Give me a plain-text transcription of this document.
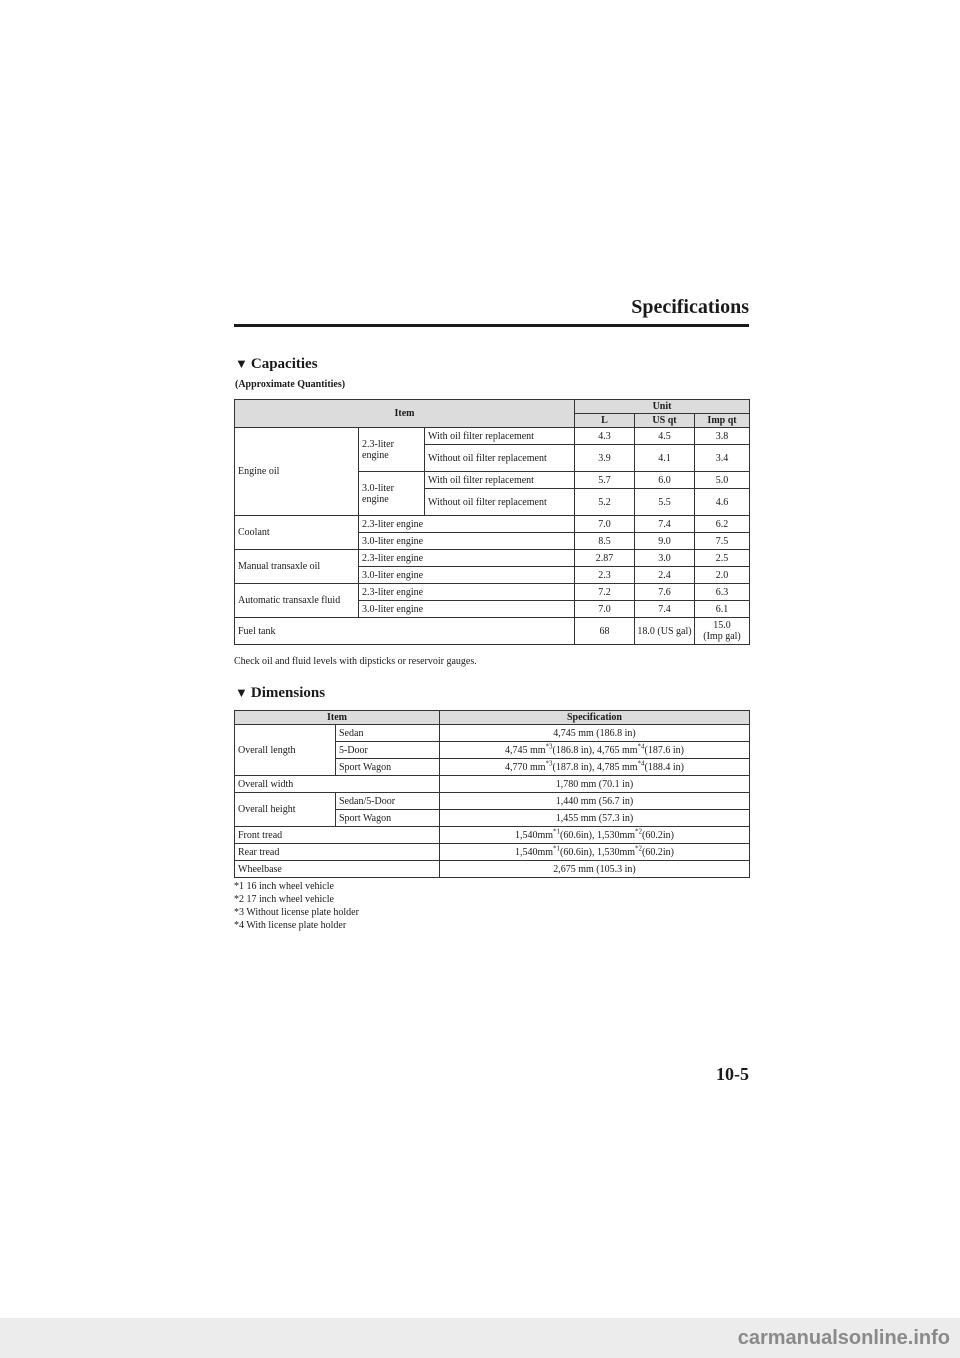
Specifications
▼ Capacities
(Approximate Quantities)
Item			Unit		
			L	US qt	Imp qt
Engine oil	2.3-liter engine	With oil filter replacement	4.3	4.5	3.8
		Without oil filter replacement	3.9	4.1	3.4
	3.0-liter engine	With oil filter replacement	5.7	6.0	5.0
		Without oil filter replacement	5.2	5.5	4.6
Coolant	2.3-liter engine		7.0	7.4	6.2
	3.0-liter engine		8.5	9.0	7.5
Manual transaxle oil	2.3-liter engine		2.87	3.0	2.5
	3.0-liter engine		2.3	2.4	2.0
Automatic transaxle fluid	2.3-liter engine		7.2	7.6	6.3
	3.0-liter engine		7.0	7.4	6.1
Fuel tank			68	18.0 (US gal)	15.0
(Imp gal)
Check oil and fluid levels with dipsticks or reservoir gauges.
▼ Dimensions
Item		Specification
Overall length	Sedan	4,745 mm (186.8 in)
	5-Door	4,745 $mm^{*3}(186.8$ in), 4,765 $mm^{*4}(187.6$ in)
	Sport Wagon	4,770 $mm^{*3}(187.8$ in), 4,785 $mm^{*4}(188.4$ in)
Overall width		1,780 mm (70.1 in)
Overall height	Sedan/5-Door	1,440 mm (56.7 in)
	Sport Wagon	1,455 mm (57.3 in)
Front tread		$1,540mm^{*1}(60.6in)$, $1,530mm^{*2}(60.2in)$
Rear tread		$1,540mm^{*1}(60.6in)$, $1,530mm^{*2}(60.2in)$
Wheelbase		2,675 mm (105.3 in)
*1 16 inch wheel vehicle
*2 17 inch wheel vehicle
*3 Without license plate holder
*4 With license plate holder
10-5
carmanualsonline.info
